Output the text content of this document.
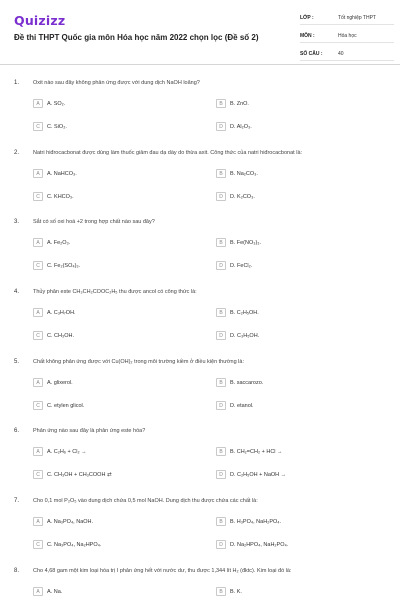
Quizizz
Đề thi THPT Quốc gia môn Hóa học năm 2022 chọn lọc (Đề số 2)
LỚP :	Tốt nghiệp THPT
MÔN :	Hóa học
SỐ CÂU :	40
1.	Oxit nào sau đây không phản ứng được với dung dịch NaOH loãng?
A	A. SO₂.	B	B. ZnO.
C	C. SiO₂.	D	D. Al₂O₃.
2.	Natri hiđrocacbonat được dùng làm thuốc giảm đau dạ dày do thừa axit. Công thức của natri hiđrocacbonat là:
A	A. NaHCO₃.	B	B. Na₂CO₃.
C	C. KHCO₃.	D	D. K₂CO₃.
3.	Sắt có số oxi hoá +2 trong hợp chất nào sau đây?
A	A. Fe₂O₃.	B	B. Fe(NO₃)₃.
C	C. Fe₂(SO₄)₃.	D	D. FeCl₂.
4.	Thủy phân este CH₃CH₂COOC₂H₅ thu được ancol có công thức là:
A	A. C₃H₇OH.	B	B. C₂H₅OH.
C	C. CH₃OH.	D	D. C₃H₅OH.
5.	Chất không phản ứng được với Cu(OH)₂ trong môi trường kiềm ở điều kiện thường là:
A	A. glixerol.	B	B. saccarozo.
C	C. etylen glicol.	D	D. etanol.
6.	Phản ứng nào sau đây là phản ứng este hóa?
A	A. C₂H₆ + Cl₂ →	B	B. CH₂=CH₂ + HCl →
C	C. CH₃OH + CH₃COOH ⇄	D	D. C₂H₅OH + NaOH →
7.	Cho 0,1 mol P₂O₅ vào dung dịch chứa 0,5 mol NaOH. Dung dịch thu được chứa các chất là:
A	A. Na₃PO₄, NaOH.	B	B. H₃PO₄, NaH₂PO₄.
C	C. Na₃PO₄, Na₂HPO₄.	D	D. Na₂HPO₄, NaH₂PO₄.
8.	Cho 4,68 gam một kim loại hóa trị I phản ứng hết với nước dư, thu được 1,344 lít H₂ (đktc). Kim loại đó là:
A	A. Na.	B	B. K.
